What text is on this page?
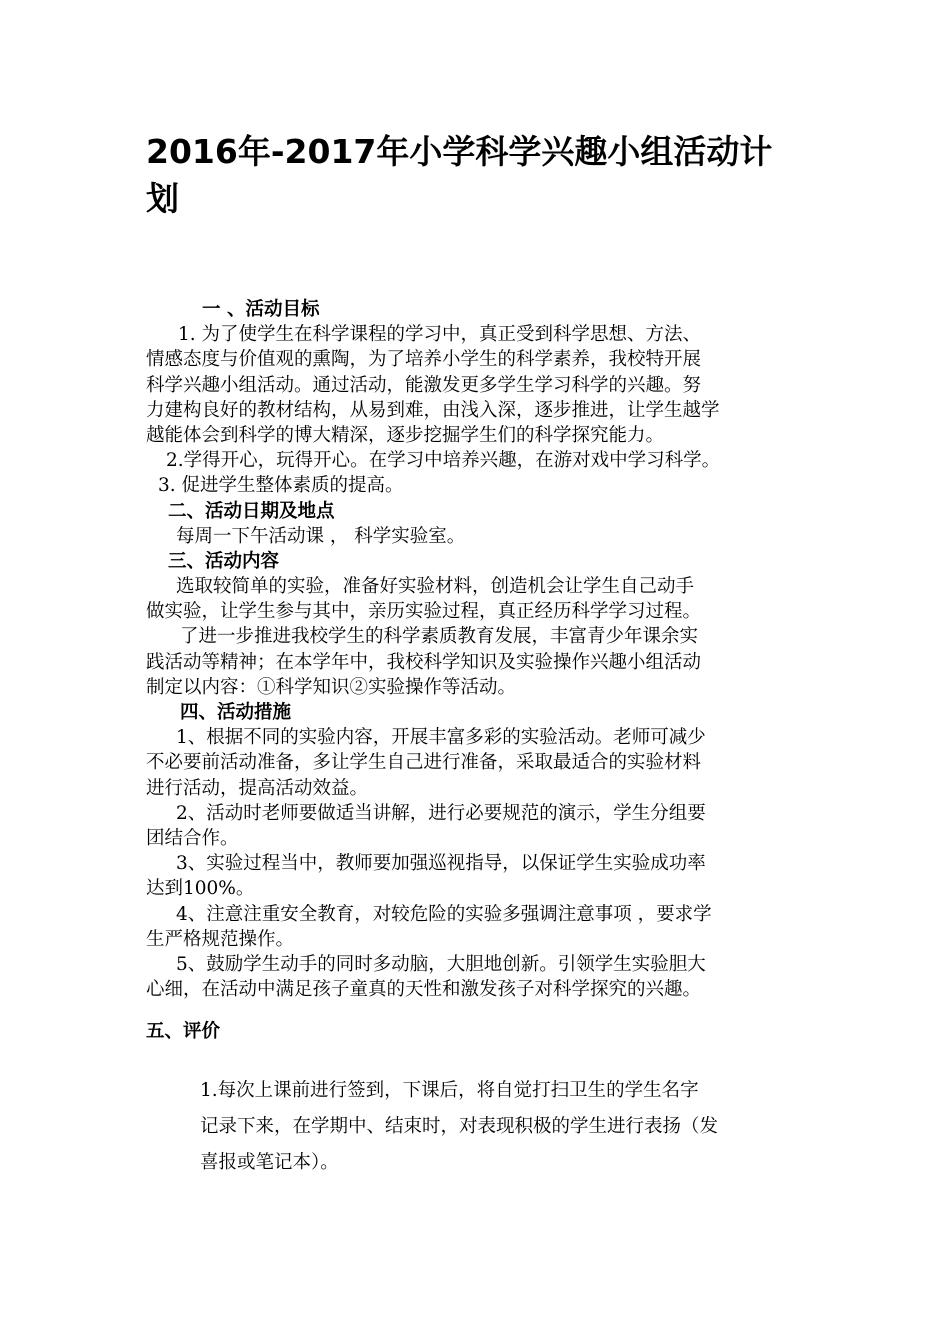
2016年-2017年小学科学兴趣小组活动计
划
一 、活动目标
1. 为了使学生在科学课程的学习中，真正受到科学思想、方法、
情感态度与价值观的熏陶，为了培养小学生的科学素养，我校特开展
科学兴趣小组活动。通过活动，能激发更多学生学习科学的兴趣。努
力建构良好的教材结构，从易到难，由浅入深，逐步推进，让学生越学
越能体会到科学的博大精深，逐步挖掘学生们的科学探究能力。
2.学得开心，玩得开心。在学习中培养兴趣，在游对戏中学习科学。
3. 促进学生整体素质的提高。
二、活动日期及地点
每周一下午活动课 ， 科学实验室。
三、活动内容
选取较简单的实验，准备好实验材料，创造机会让学生自己动手
做实验，让学生参与其中，亲历实验过程，真正经历科学学习过程。
了进一步推进我校学生的科学素质教育发展，丰富青少年课余实
践活动等精神；在本学年中，我校科学知识及实验操作兴趣小组活动
制定以内容：①科学知识②实验操作等活动。
四、活动措施
1、根据不同的实验内容，开展丰富多彩的实验活动。老师可减少
不必要前活动准备，多让学生自己进行准备，采取最适合的实验材料
进行活动，提高活动效益。
2、活动时老师要做适当讲解，进行必要规范的演示，学生分组要
团结合作。
3、实验过程当中，教师要加强巡视指导，以保证学生实验成功率
达到100%。
4、注意注重安全教育，对较危险的实验多强调注意事项 ，要求学
生严格规范操作。
5、鼓励学生动手的同时多动脑，大胆地创新。引领学生实验胆大
心细，在活动中满足孩子童真的天性和激发孩子对科学探究的兴趣。
五、评价
1.每次上课前进行签到，下课后，将自觉打扫卫生的学生名字
记录下来，在学期中、结束时，对表现积极的学生进行表扬（发
喜报或笔记本）。
